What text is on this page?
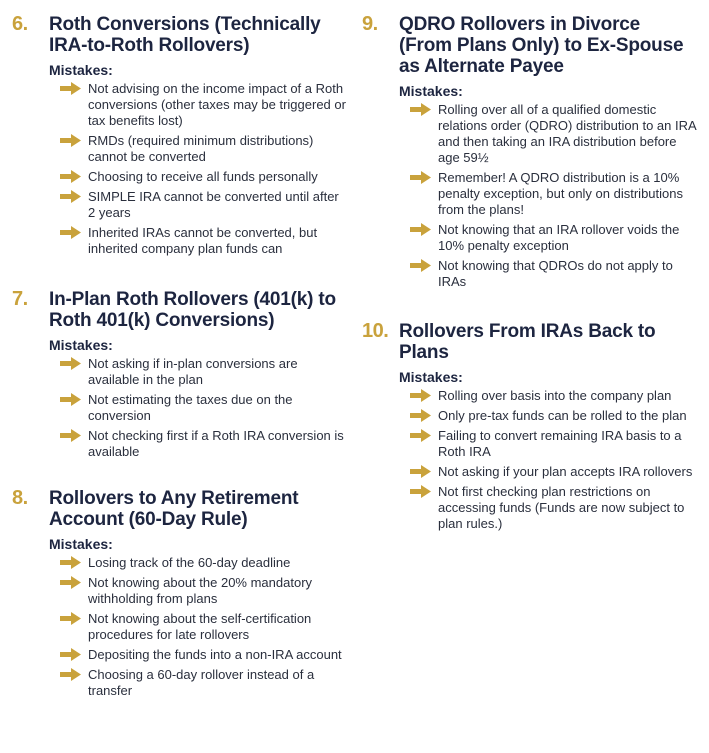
6.	Roth Conversions (Technically IRA-to-Roth Rollovers)
Mistakes:
Not advising on the income impact of a Roth conversions (other taxes may be triggered or tax benefits lost)
RMDs (required minimum distributions) cannot be converted
Choosing to receive all funds personally
SIMPLE IRA cannot be converted until after 2 years
Inherited IRAs cannot be converted, but inherited company plan funds can
7.	In-Plan Roth Rollovers (401(k) to Roth 401(k) Conversions)
Mistakes:
Not asking if in-plan conversions are available in the plan
Not estimating the taxes due on the conversion
Not checking first if a Roth IRA conversion is available
8.	Rollovers to Any Retirement Account (60-Day Rule)
Mistakes:
Losing track of the 60-day deadline
Not knowing about the 20% mandatory withholding from plans
Not knowing about the self-certification procedures for late rollovers
Depositing the funds into a non-IRA account
Choosing a 60-day rollover instead of a transfer
9.	QDRO Rollovers in Divorce (From Plans Only) to Ex-Spouse as Alternate Payee
Mistakes:
Rolling over all of a qualified domestic relations order (QDRO) distribution to an IRA and then taking an IRA distribution before age 59½
Remember! A QDRO distribution is a 10% penalty exception, but only on distributions from the plans!
Not knowing that an IRA rollover voids the 10% penalty exception
Not knowing that QDROs do not apply to IRAs
10. Rollovers From IRAs Back to Plans
Mistakes:
Rolling over basis into the company plan
Only pre-tax funds can be rolled to the plan
Failing to convert remaining IRA basis to a Roth IRA
Not asking if your plan accepts IRA rollovers
Not first checking plan restrictions on accessing funds (Funds are now subject to plan rules.)
